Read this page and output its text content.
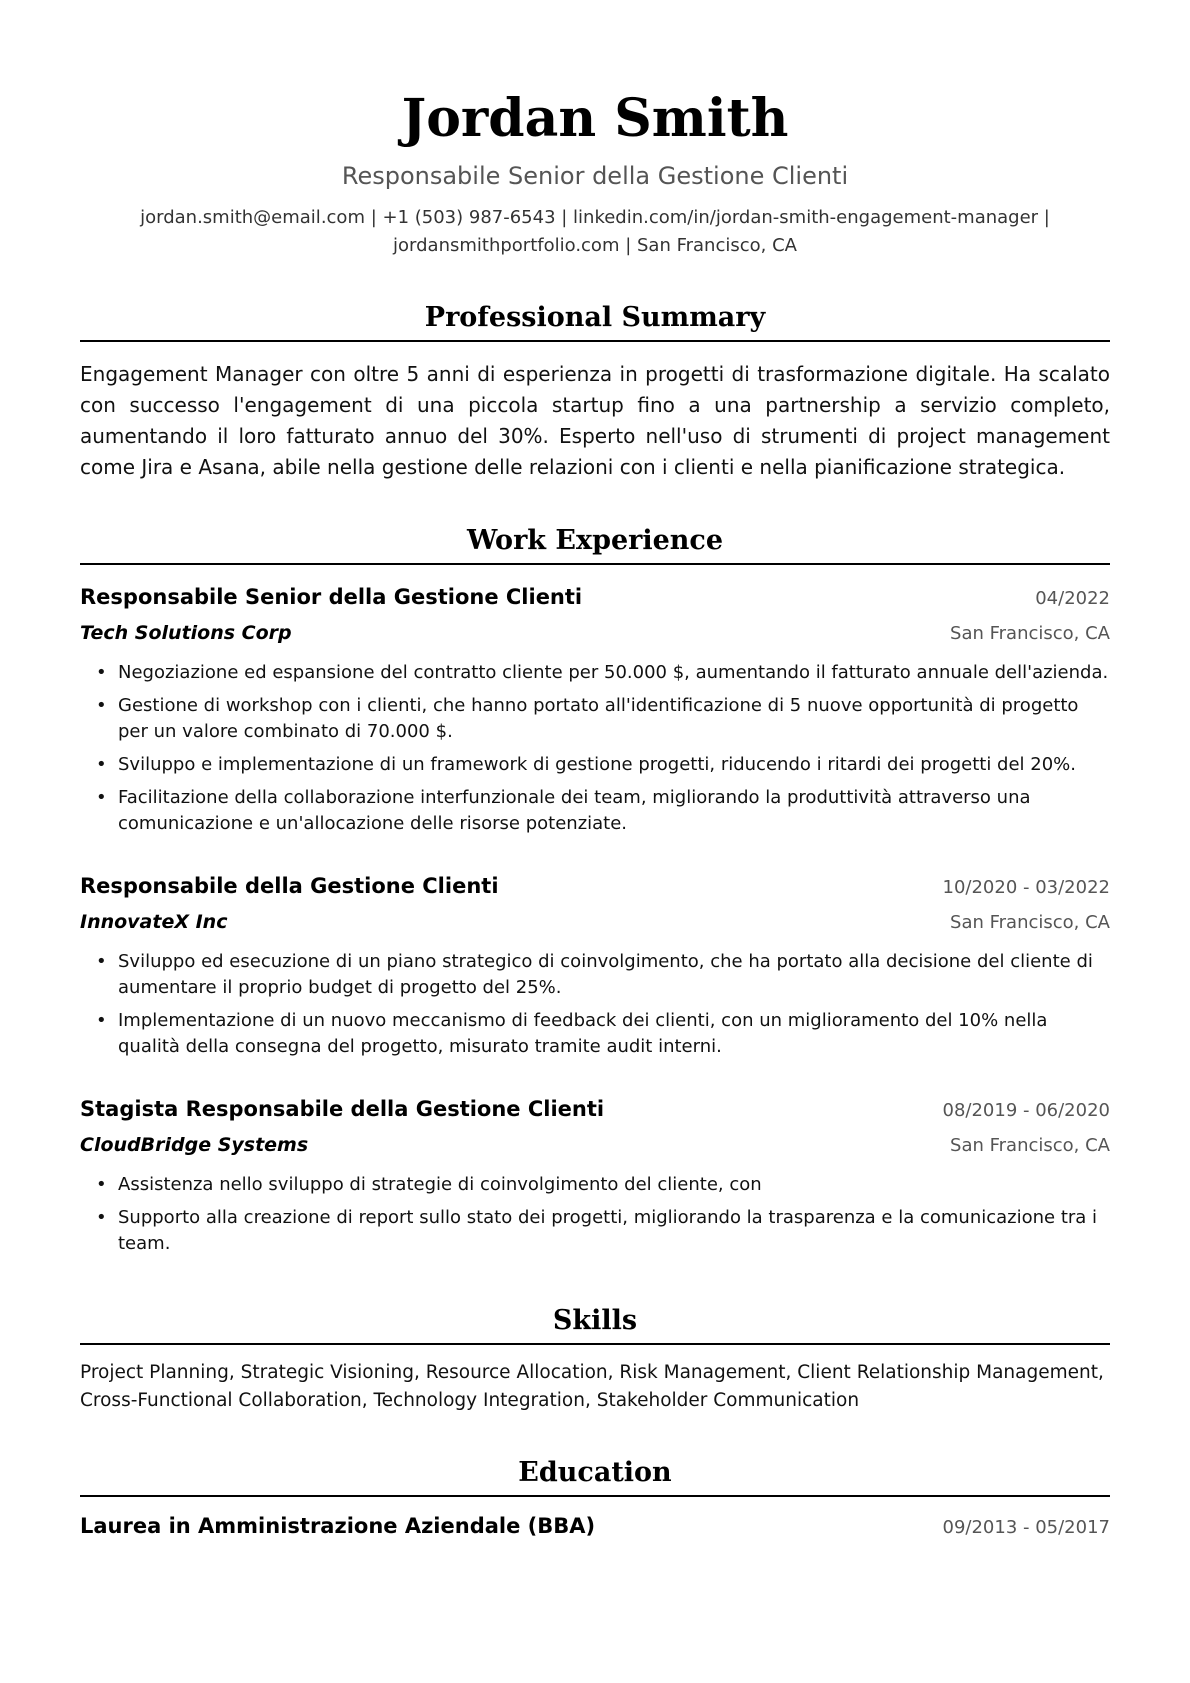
Jordan Smith
Responsabile Senior della Gestione Clienti
jordan.smith@email.com | +1 (503) 987-6543 | linkedin.com/in/jordan-smith-engagement-manager |
jordansmithportfolio.com | San Francisco, CA
Professional Summary
Engagement Manager con oltre 5 anni di esperienza in progetti di trasformazione digitale. Ha scalato con successo l'engagement di una piccola startup fino a una partnership a servizio completo, aumentando il loro fatturato annuo del 30%. Esperto nell'uso di strumenti di project management come Jira e Asana, abile nella gestione delle relazioni con i clienti e nella pianificazione strategica.
Work Experience
Responsabile Senior della Gestione Clienti	04/2022
Tech Solutions Corp	San Francisco, CA
• Negoziazione ed espansione del contratto cliente per 50.000 $, aumentando il fatturato annuale dell'azienda.
• Gestione di workshop con i clienti, che hanno portato all'identificazione di 5 nuove opportunità di progetto per un valore combinato di 70.000 $.
• Sviluppo e implementazione di un framework di gestione progetti, riducendo i ritardi dei progetti del 20%.
• Facilitazione della collaborazione interfunzionale dei team, migliorando la produttività attraverso una comunicazione e un'allocazione delle risorse potenziate.
Responsabile della Gestione Clienti	10/2020 - 03/2022
InnovateX Inc	San Francisco, CA
• Sviluppo ed esecuzione di un piano strategico di coinvolgimento, che ha portato alla decisione del cliente di aumentare il proprio budget di progetto del 25%.
• Implementazione di un nuovo meccanismo di feedback dei clienti, con un miglioramento del 10% nella qualità della consegna del progetto, misurato tramite audit interni.
Stagista Responsabile della Gestione Clienti	08/2019 - 06/2020
CloudBridge Systems	San Francisco, CA
• Assistenza nello sviluppo di strategie di coinvolgimento del cliente, con
• Supporto alla creazione di report sullo stato dei progetti, migliorando la trasparenza e la comunicazione tra i team.
Skills
Project Planning, Strategic Visioning, Resource Allocation, Risk Management, Client Relationship Management, Cross-Functional Collaboration, Technology Integration, Stakeholder Communication
Education
Laurea in Amministrazione Aziendale (BBA)	09/2013 - 05/2017
